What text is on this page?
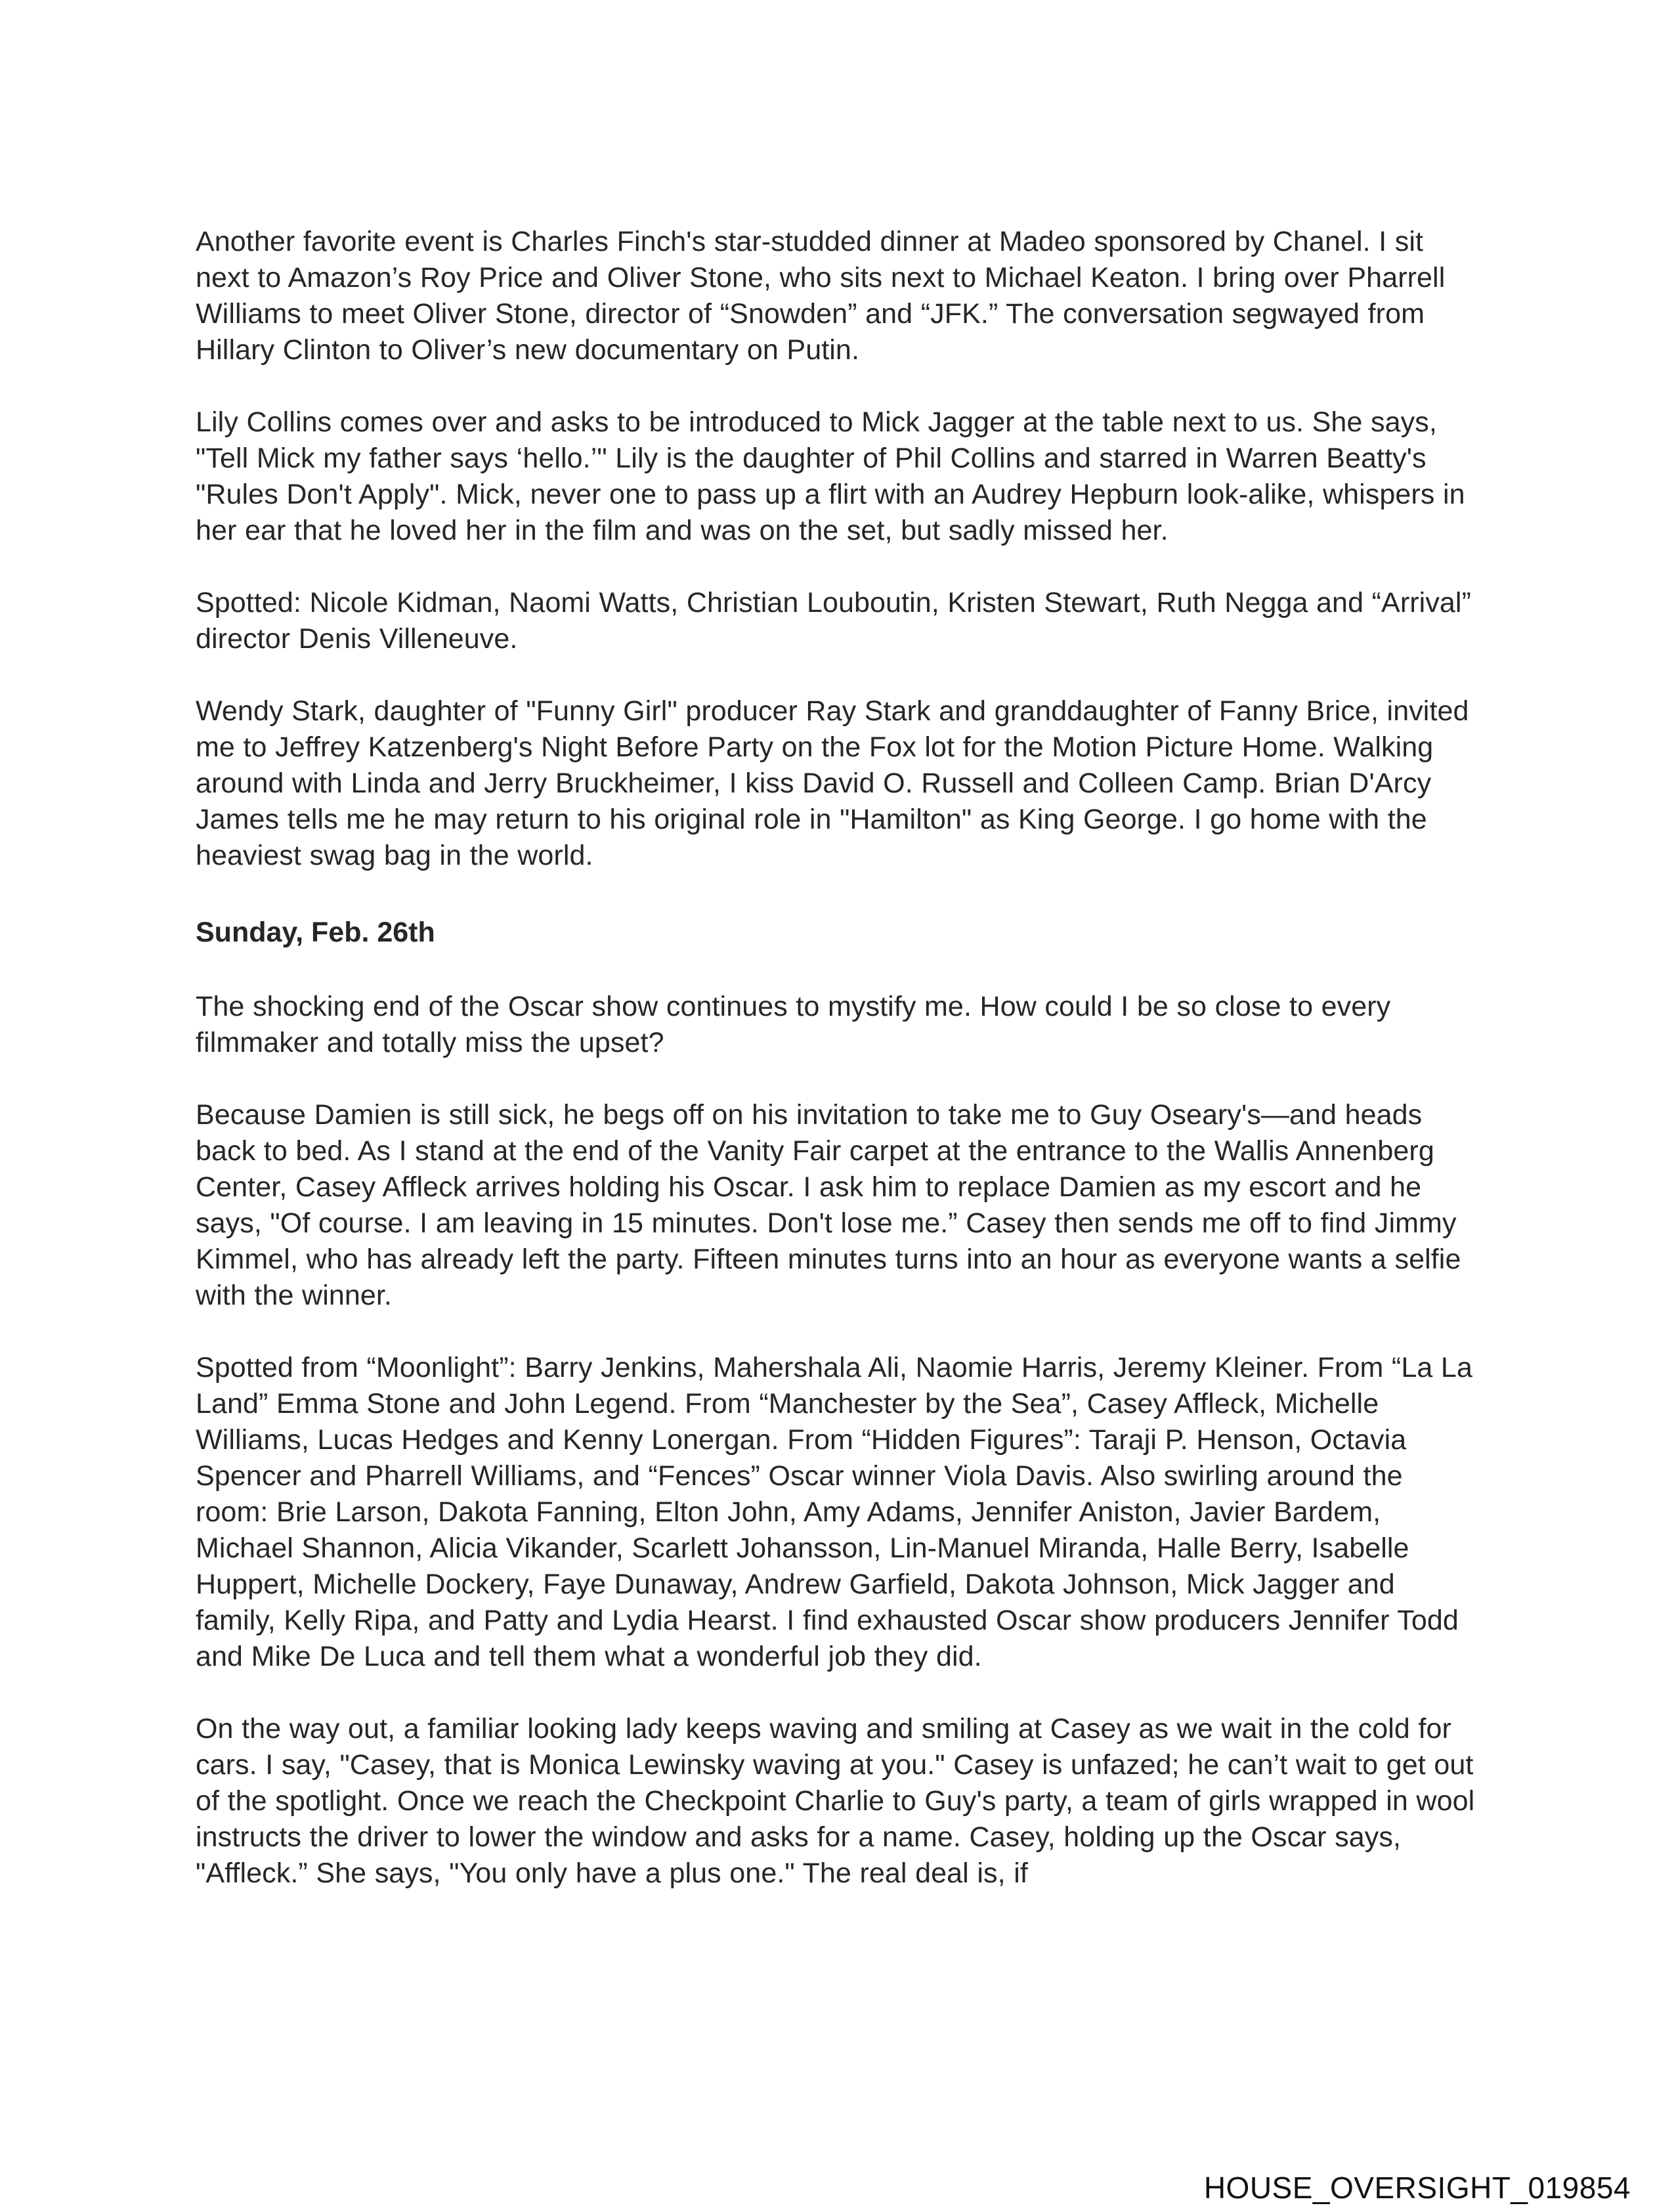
Another favorite event is Charles Finch's star-studded dinner at Madeo sponsored by Chanel. I sit next to Amazon’s Roy Price and Oliver Stone, who sits next to Michael Keaton. I bring over Pharrell Williams to meet Oliver Stone, director of “Snowden” and “JFK.” The conversation segwayed from Hillary Clinton to Oliver’s new documentary on Putin.

Lily Collins comes over and asks to be introduced to Mick Jagger at the table next to us. She says, "Tell Mick my father says ‘hello.’" Lily is the daughter of Phil Collins and starred in Warren Beatty's "Rules Don't Apply". Mick, never one to pass up a flirt with an Audrey Hepburn look-alike, whispers in her ear that he loved her in the film and was on the set, but sadly missed her.

Spotted: Nicole Kidman, Naomi Watts, Christian Louboutin, Kristen Stewart, Ruth Negga and “Arrival” director Denis Villeneuve.

Wendy Stark, daughter of "Funny Girl" producer Ray Stark and granddaughter of Fanny Brice, invited me to Jeffrey Katzenberg's Night Before Party on the Fox lot for the Motion Picture Home. Walking around with Linda and Jerry Bruckheimer, I kiss David O. Russell and Colleen Camp. Brian D'Arcy James tells me he may return to his original role in "Hamilton" as King George. I go home with the heaviest swag bag in the world.

Sunday, Feb. 26th

The shocking end of the Oscar show continues to mystify me. How could I be so close to every filmmaker and totally miss the upset?

Because Damien is still sick, he begs off on his invitation to take me to Guy Oseary's—and heads back to bed. As I stand at the end of the Vanity Fair carpet at the entrance to the Wallis Annenberg Center, Casey Affleck arrives holding his Oscar. I ask him to replace Damien as my escort and he says, "Of course. I am leaving in 15 minutes. Don't lose me.” Casey then sends me off to find Jimmy Kimmel, who has already left the party. Fifteen minutes turns into an hour as everyone wants a selfie with the winner.

Spotted from “Moonlight”: Barry Jenkins, Mahershala Ali, Naomie Harris, Jeremy Kleiner. From “La La Land” Emma Stone and John Legend. From “Manchester by the Sea”, Casey Affleck, Michelle Williams, Lucas Hedges and Kenny Lonergan. From “Hidden Figures”: Taraji P. Henson, Octavia Spencer and Pharrell Williams, and “Fences” Oscar winner Viola Davis. Also swirling around the room: Brie Larson, Dakota Fanning, Elton John, Amy Adams, Jennifer Aniston, Javier Bardem, Michael Shannon, Alicia Vikander, Scarlett Johansson, Lin-Manuel Miranda, Halle Berry, Isabelle Huppert, Michelle Dockery, Faye Dunaway, Andrew Garfield, Dakota Johnson, Mick Jagger and family, Kelly Ripa, and Patty and Lydia Hearst. I find exhausted Oscar show producers Jennifer Todd and Mike De Luca and tell them what a wonderful job they did.

On the way out, a familiar looking lady keeps waving and smiling at Casey as we wait in the cold for cars. I say, "Casey, that is Monica Lewinsky waving at you." Casey is unfazed; he can’t wait to get out of the spotlight. Once we reach the Checkpoint Charlie to Guy's party, a team of girls wrapped in wool instructs the driver to lower the window and asks for a name. Casey, holding up the Oscar says, "Affleck.” She says, "You only have a plus one." The real deal is, if

HOUSE_OVERSIGHT_019854
